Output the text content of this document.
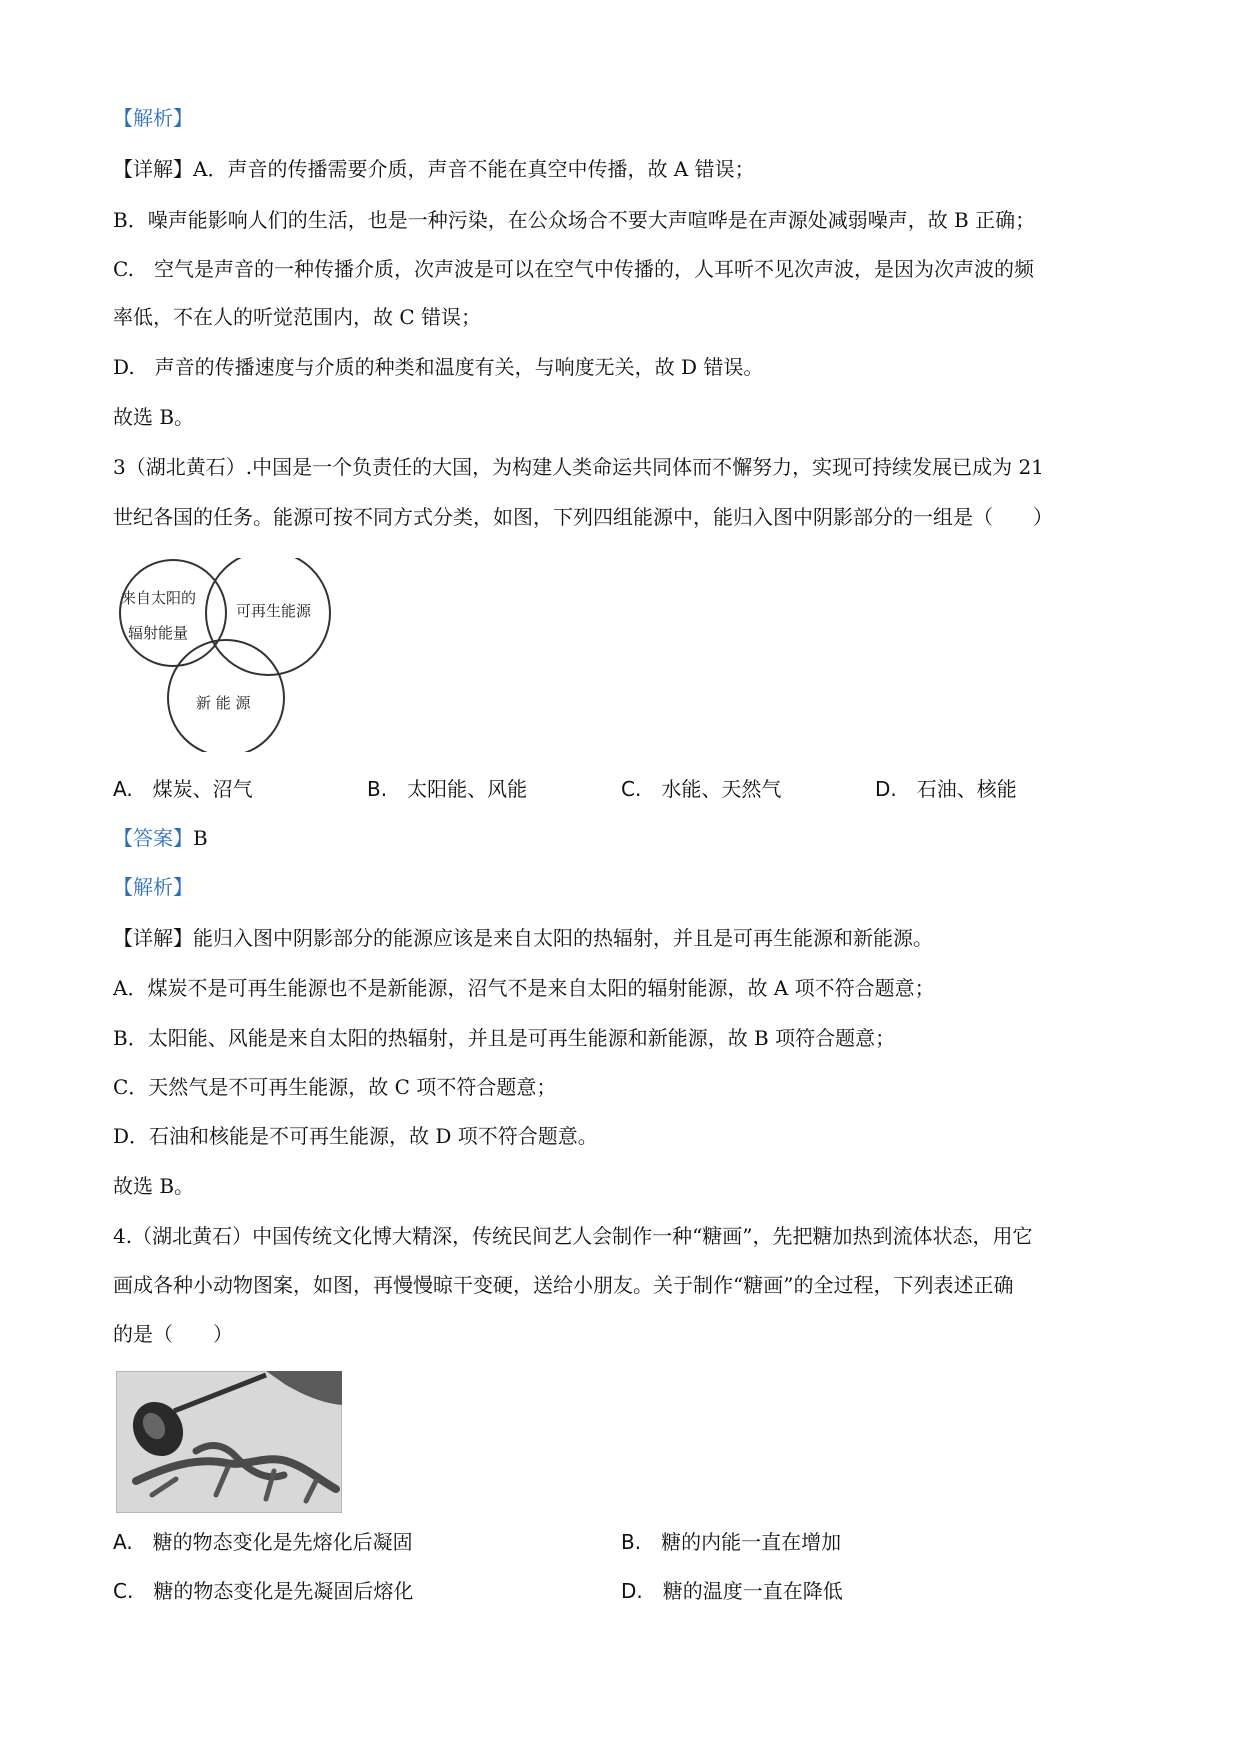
【解析】
【详解】A．声音的传播需要介质，声音不能在真空中传播，故 A 错误；
B．噪声能影响人们的生活，也是一种污染，在公众场合不要大声喧哗是在声源处减弱噪声，故 B 正确；
C.　空气是声音的一种传播介质，次声波是可以在空气中传播的，人耳听不见次声波，是因为次声波的频
率低，不在人的听觉范围内，故 C 错误；
D.　声音的传播速度与介质的种类和温度有关，与响度无关，故 D 错误。
故选 B。
3（湖北黄石）.中国是一个负责任的大国，为构建人类命运共同体而不懈努力，实现可持续发展已成为 21
世纪各国的任务。能源可按不同方式分类，如图，下列四组能源中，能归入图中阴影部分的一组是（　　）
来自太阳的
辐射能量
可再生能源
新 能 源
A.　煤炭、沼气	B.　太阳能、风能	C.　水能、天然气	D.　石油、核能
【答案】B
【解析】
【详解】能归入图中阴影部分的能源应该是来自太阳的热辐射，并且是可再生能源和新能源。
A．煤炭不是可再生能源也不是新能源，沼气不是来自太阳的辐射能源，故 A 项不符合题意；
B．太阳能、风能是来自太阳的热辐射，并且是可再生能源和新能源，故 B 项符合题意；
C．天然气是不可再生能源，故 C 项不符合题意；
D．石油和核能是不可再生能源，故 D 项不符合题意。
故选 B。
4.（湖北黄石）中国传统文化博大精深，传统民间艺人会制作一种“糖画”，先把糖加热到流体状态，用它
画成各种小动物图案，如图，再慢慢晾干变硬，送给小朋友。关于制作“糖画”的全过程，下列表述正确
的是（　　）
A.　糖的物态变化是先熔化后凝固	B.　糖的内能一直在增加
C.　糖的物态变化是先凝固后熔化	D.　糖的温度一直在降低
